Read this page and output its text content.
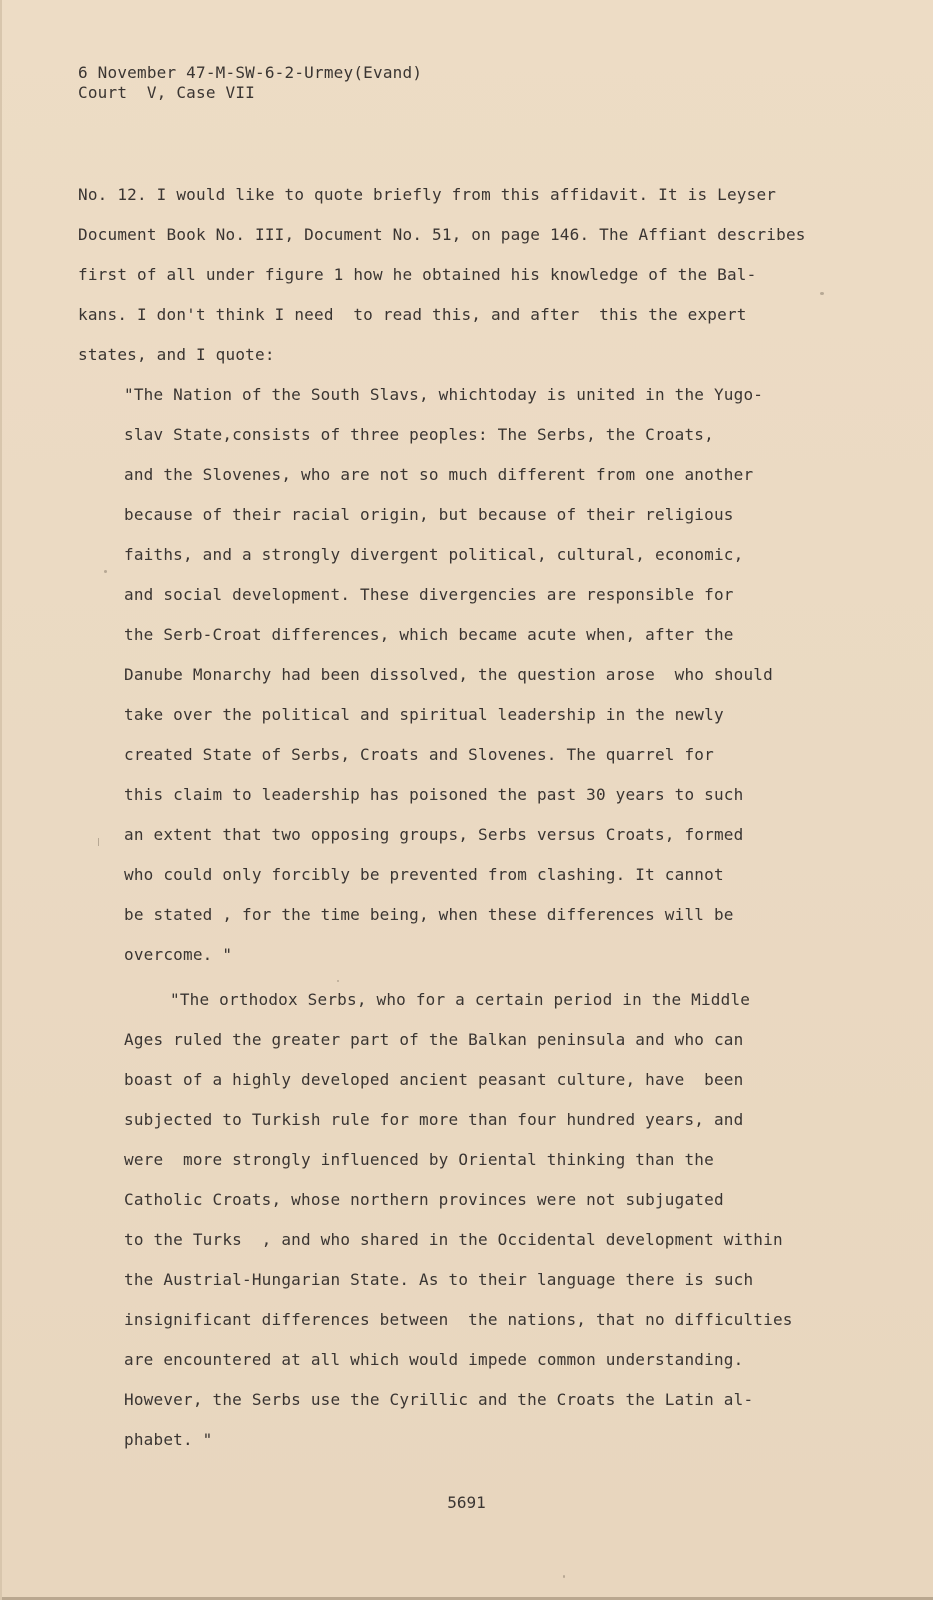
6 November 47-M-SW-6-2-Urmey(Evand)
Court  V, Case VII
No. 12. I would like to quote briefly from this affidavit. It is Leyser
Document Book No. III, Document No. 51, on page 146. The Affiant describes
first of all under figure 1 how he obtained his knowledge of the Bal-
kans. I don't think I need  to read this, and after  this the expert
states, and I quote:
"The Nation of the South Slavs, whichtoday is united in the Yugo-
slav State,consists of three peoples: The Serbs, the Croats,
and the Slovenes, who are not so much different from one another
because of their racial origin, but because of their religious
faiths, and a strongly divergent political, cultural, economic,
and social development. These divergencies are responsible for
the Serb-Croat differences, which became acute when, after the
Danube Monarchy had been dissolved, the question arose  who should
take over the political and spiritual leadership in the newly
created State of Serbs, Croats and Slovenes. The quarrel for
this claim to leadership has poisoned the past 30 years to such
an extent that two opposing groups, Serbs versus Croats, formed
who could only forcibly be prevented from clashing. It cannot
be stated , for the time being, when these differences will be
overcome. "
"The orthodox Serbs, who for a certain period in the Middle
Ages ruled the greater part of the Balkan peninsula and who can
boast of a highly developed ancient peasant culture, have  been
subjected to Turkish rule for more than four hundred years, and
were  more strongly influenced by Oriental thinking than the
Catholic Croats, whose northern provinces were not subjugated
to the Turks  , and who shared in the Occidental development within
the Austrial-Hungarian State. As to their language there is such
insignificant differences between  the nations, that no difficulties
are encountered at all which would impede common understanding.
However, the Serbs use the Cyrillic and the Croats the Latin al-
phabet. "
5691
